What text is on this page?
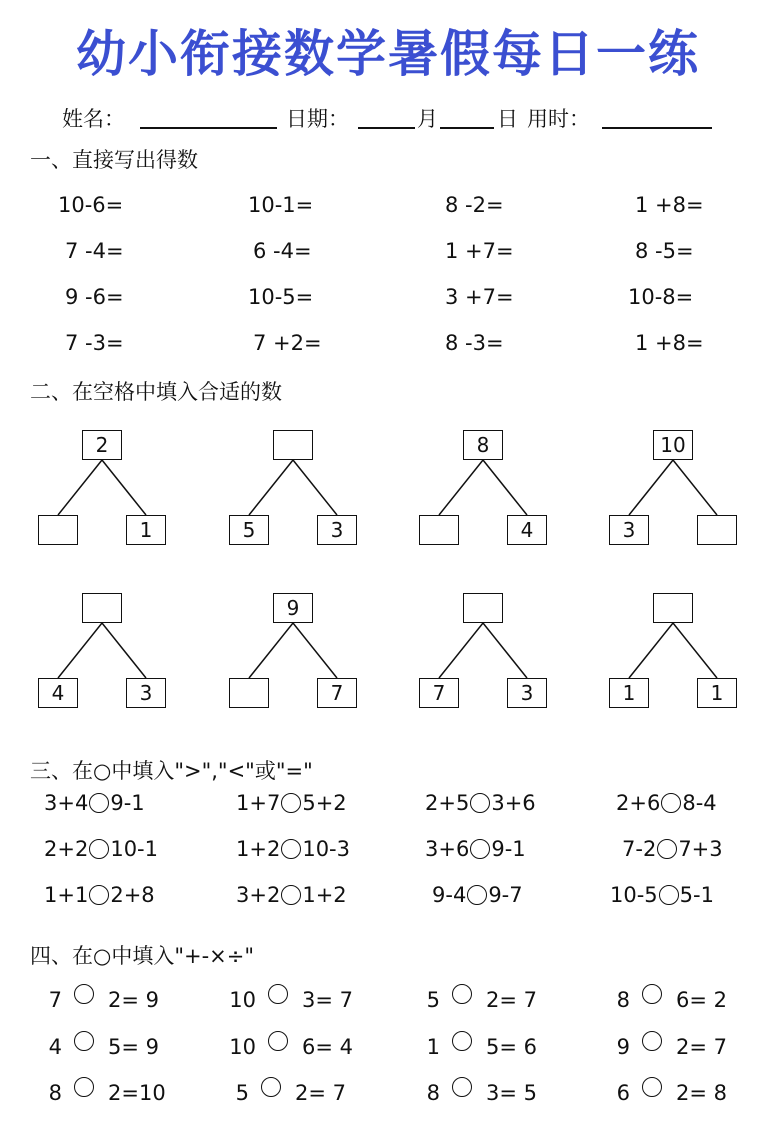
幼小衔接数学暑假每日一练
姓名：	日期：	月	日 用时：
一、直接写出得数
二、在空格中填入合适的数
三、在○中填入">","<"或"="
四、在○中填入"+-×÷"
10-6=	10-1=	8 -2=	1 +8=
7 -4=	6 -4=	1 +7=	8 -5=
9 -6=	10-5=	3 +7=	10-8=
7 -3=	7 +2=	8 -3=	1 +8=
2
1	5	3
8
4
10
3
4	3
9
7	7	3	1	1
3+4 9-1	1+7 5+2	2+5 3+6	2+6 8-4
2+2 10-1	1+2 10-3	3+6 9-1	7-2 7+3
1+1 2+8	3+2 1+2	9-4 9-7	10-5 5-1
7 2= 9	10 3= 7	5 2= 7	8 6= 2
4 5= 9	10 6= 4	1 5= 6	9 2= 7
8 2=10	5 2= 7	8 3= 5	6 2= 8
